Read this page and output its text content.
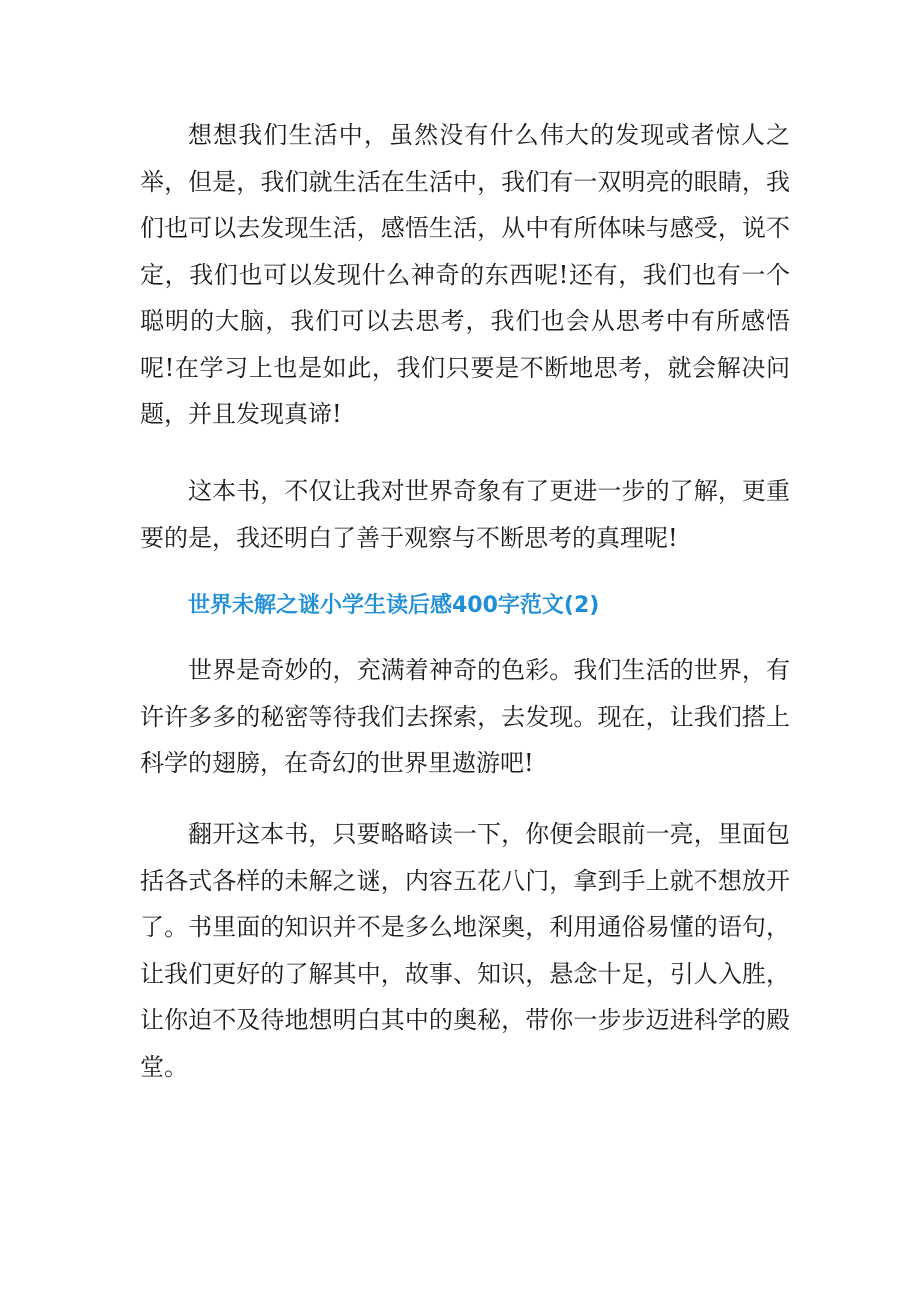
想想我们生活中，虽然没有什么伟大的发现或者惊人之举，但是，我们就生活在生活中，我们有一双明亮的眼睛，我们也可以去发现生活，感悟生活，从中有所体味与感受，说不定，我们也可以发现什么神奇的东西呢!还有，我们也有一个聪明的大脑，我们可以去思考，我们也会从思考中有所感悟呢!在学习上也是如此，我们只要是不断地思考，就会解决问题，并且发现真谛!

这本书，不仅让我对世界奇象有了更进一步的了解，更重要的是，我还明白了善于观察与不断思考的真理呢!

世界未解之谜小学生读后感400字范文(2)

世界是奇妙的，充满着神奇的色彩。我们生活的世界，有许许多多的秘密等待我们去探索，去发现。现在，让我们搭上科学的翅膀，在奇幻的世界里遨游吧!

翻开这本书，只要略略读一下，你便会眼前一亮，里面包括各式各样的未解之谜，内容五花八门，拿到手上就不想放开了。书里面的知识并不是多么地深奥，利用通俗易懂的语句，让我们更好的了解其中，故事、知识，悬念十足，引人入胜，让你迫不及待地想明白其中的奥秘，带你一步步迈进科学的殿堂。
